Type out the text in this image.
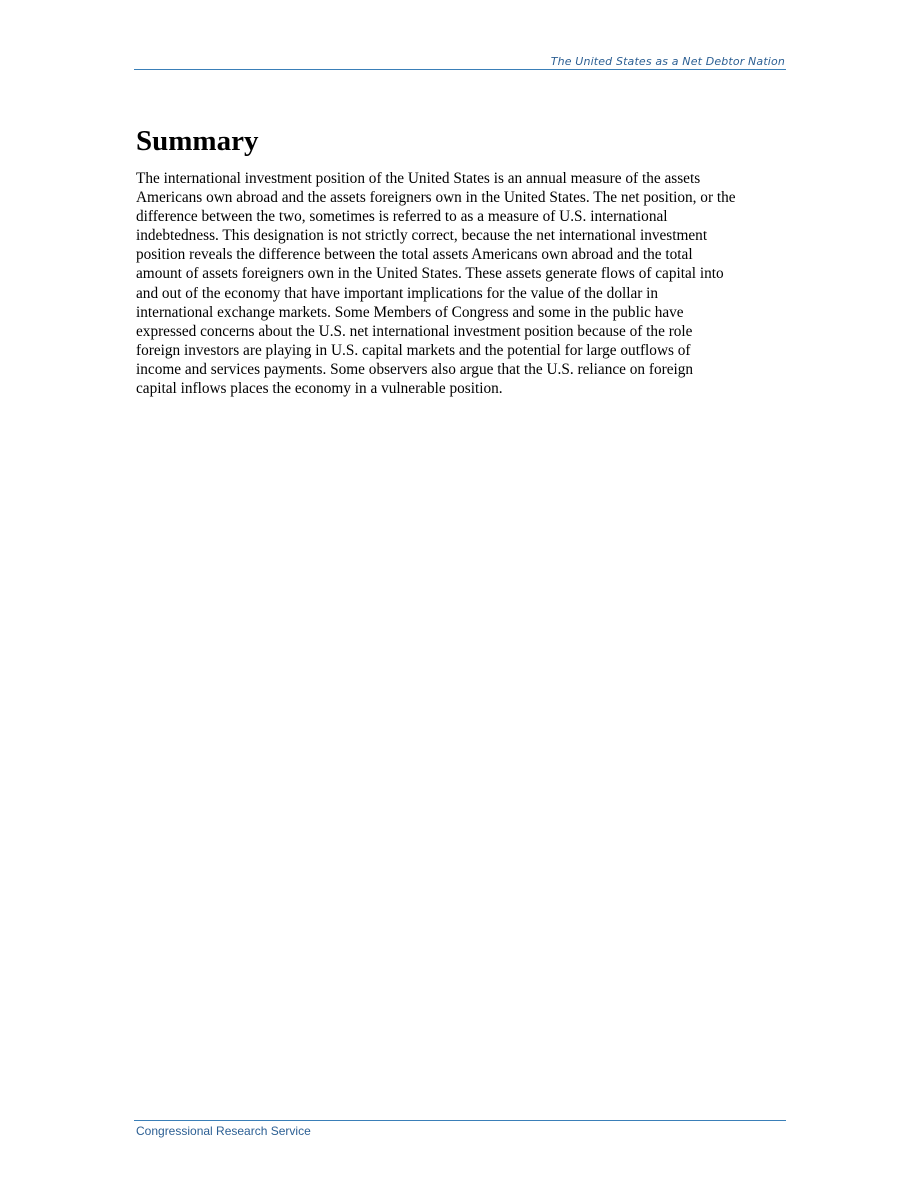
The United States as a Net Debtor Nation
Summary

The international investment position of the United States is an annual measure of the assets
Americans own abroad and the assets foreigners own in the United States. The net position, or the
difference between the two, sometimes is referred to as a measure of U.S. international
indebtedness. This designation is not strictly correct, because the net international investment
position reveals the difference between the total assets Americans own abroad and the total
amount of assets foreigners own in the United States. These assets generate flows of capital into
and out of the economy that have important implications for the value of the dollar in
international exchange markets. Some Members of Congress and some in the public have
expressed concerns about the U.S. net international investment position because of the role
foreign investors are playing in U.S. capital markets and the potential for large outflows of
income and services payments. Some observers also argue that the U.S. reliance on foreign
capital inflows places the economy in a vulnerable position.

Congressional Research Service
